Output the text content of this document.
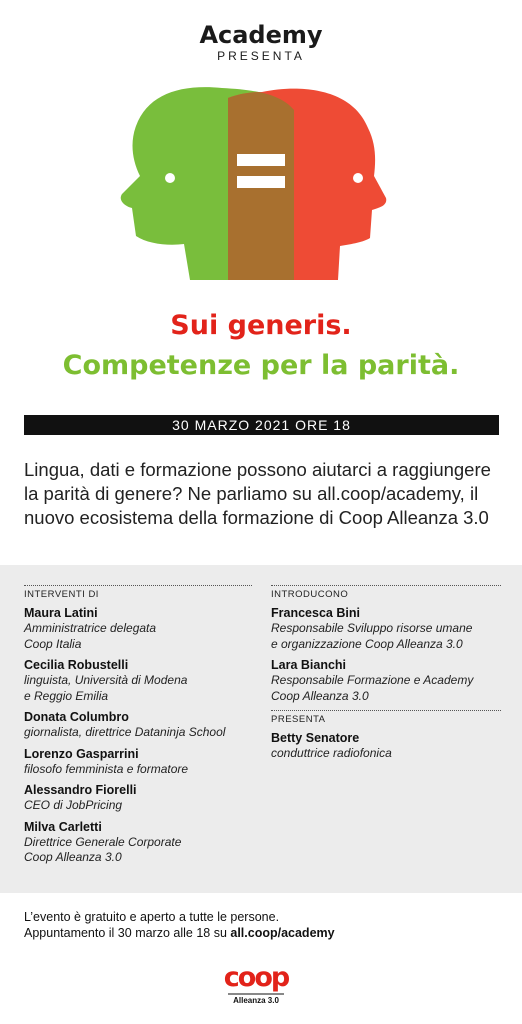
Academy
PRESENTA
Sui generis.
Competenze per la parità.
30 MARZO 2021 ORE 18
Lingua, dati e formazione possono aiutarci a raggiungere la parità di genere? Ne parliamo su all.coop/academy, il nuovo ecosistema della formazione di Coop Alleanza 3.0
INTERVENTI DI
Maura Latini
Amministratrice delegata
Coop Italia
Cecilia Robustelli
linguista, Università di Modena
e Reggio Emilia
Donata Columbro
giornalista, direttrice Dataninja School
Lorenzo Gasparrini
filosofo femminista e formatore
Alessandro Fiorelli
CEO di JobPricing
Milva Carletti
Direttrice Generale Corporate
Coop Alleanza 3.0
INTRODUCONO
Francesca Bini
Responsabile Sviluppo risorse umane
e organizzazione Coop Alleanza 3.0
Lara Bianchi
Responsabile Formazione e Academy
Coop Alleanza 3.0
PRESENTA
Betty Senatore
conduttrice radiofonica
L’evento è gratuito e aperto a tutte le persone.
Appuntamento il 30 marzo alle 18 su all.coop/academy
coop
Alleanza 3.0
